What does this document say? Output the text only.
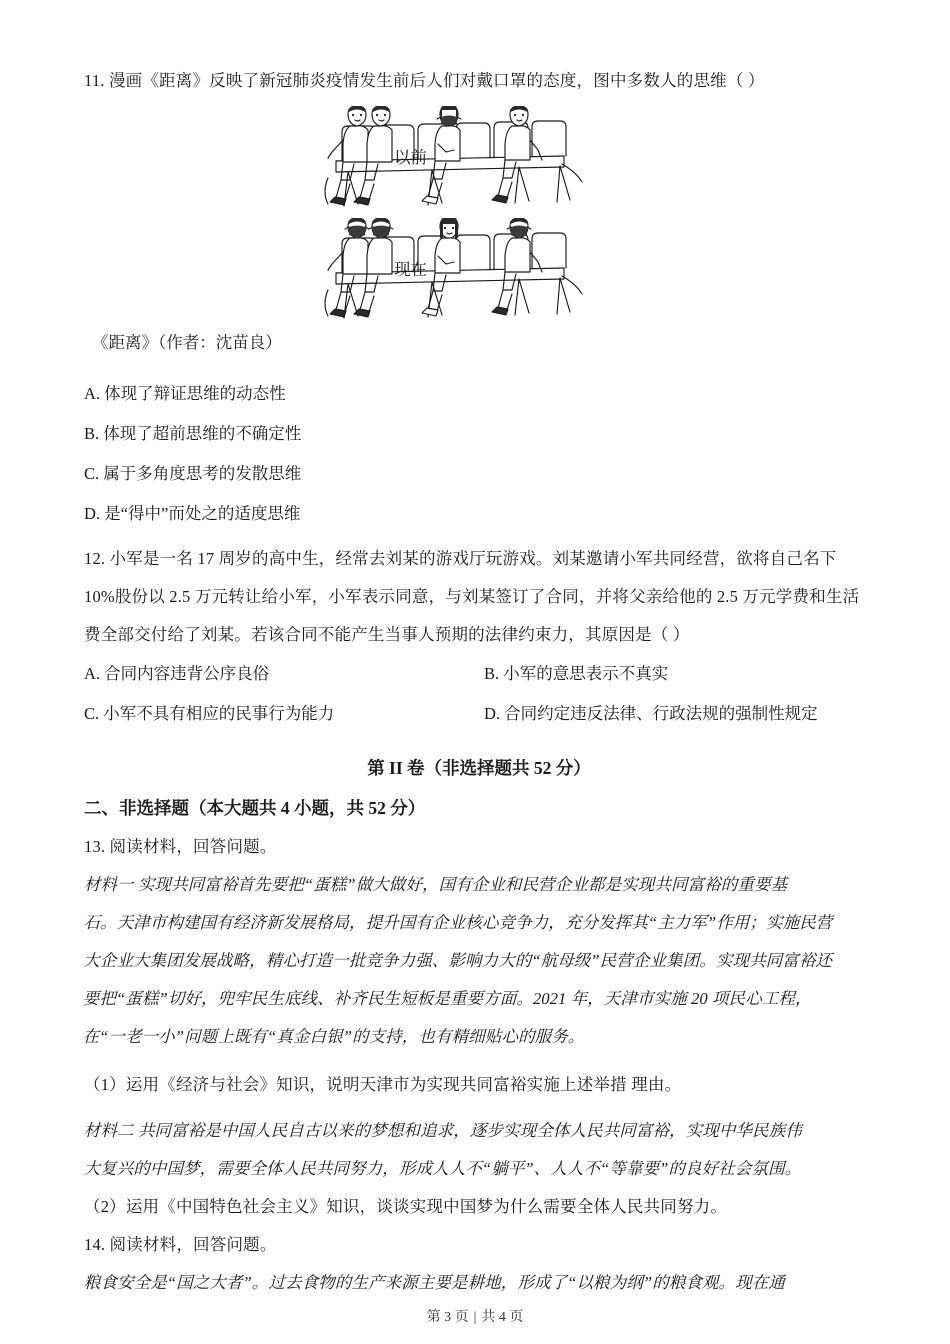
11. 漫画《距离》反映了新冠肺炎疫情发生前后人们对戴口罩的态度，图中多数人的思维（ ）
以前
现在
《距离》（作者：沈苗良）
A. 体现了辩证思维的动态性
B. 体现了超前思维的不确定性
C. 属于多角度思考的发散思维
D. 是“得中”而处之的适度思维
12. 小军是一名 17 周岁的高中生，经常去刘某的游戏厅玩游戏。刘某邀请小军共同经营，欲将自己名下
10%股份以 2.5 万元转让给小军，小军表示同意，与刘某签订了合同，并将父亲给他的 2.5 万元学费和生活
费全部交付给了刘某。若该合同不能产生当事人预期的法律约束力，其原因是（ ）
A. 合同内容违背公序良俗	B. 小军的意思表示不真实
C. 小军不具有相应的民事行为能力	D. 合同约定违反法律、行政法规的强制性规定
第 II 卷（非选择题共 52 分）
二、非选择题（本大题共 4 小题，共 52 分）
13. 阅读材料，回答问题。
材料一 实现共同富裕首先要把“蛋糕”做大做好，国有企业和民营企业都是实现共同富裕的重要基
石。天津市构建国有经济新发展格局，提升国有企业核心竞争力，充分发挥其“主力军”作用；实施民营
大企业大集团发展战略，精心打造一批竞争力强、影响力大的“航母级”民营企业集团。实现共同富裕还
要把“蛋糕”切好，兜牢民生底线、补齐民生短板是重要方面。2021 年，天津市实施 20 项民心工程，
在“一老一小”问题上既有“真金白银”的支持，也有精细贴心的服务。
（1）运用《经济与社会》知识，说明天津市为实现共同富裕实施上述举措 理由。
材料二 共同富裕是中国人民自古以来的梦想和追求，逐步实现全体人民共同富裕，实现中华民族伟
大复兴的中国梦，需要全体人民共同努力，形成人人不“躺平”、人人不“等靠要”的良好社会氛围。
（2）运用《中国特色社会主义》知识，谈谈实现中国梦为什么需要全体人民共同努力。
14. 阅读材料，回答问题。
粮食安全是“国之大者”。过去食物的生产来源主要是耕地，形成了“以粮为纲”的粮食观。现在通
第 3 页 | 共 4 页
